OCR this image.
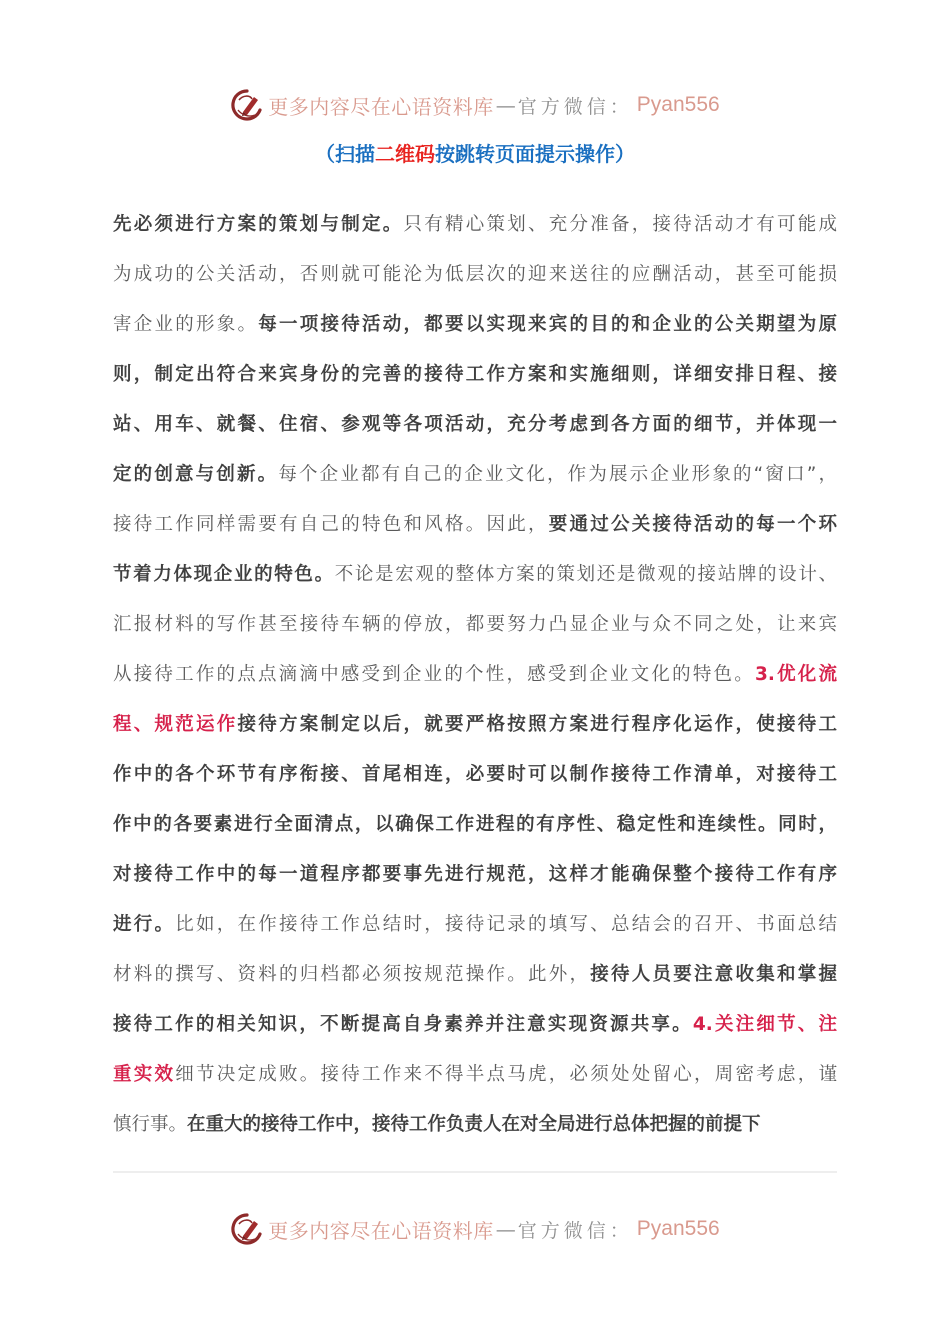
更多内容尽在心语资料库 — 官方微信： Pyan556
（扫描二维码按跳转页面提示操作）
先必须进行方案的策划与制定。只有精心策划、充分准备，接待活动才有可能成
为成功的公关活动，否则就可能沦为低层次的迎来送往的应酬活动，甚至可能损
害企业的形象。每一项接待活动，都要以实现来宾的目的和企业的公关期望为原
则，制定出符合来宾身份的完善的接待工作方案和实施细则，详细安排日程、接
站、用车、就餐、住宿、参观等各项活动，充分考虑到各方面的细节，并体现一
定的创意与创新。每个企业都有自己的企业文化，作为展示企业形象的“窗口”，
接待工作同样需要有自己的特色和风格。因此，要通过公关接待活动的每一个环
节着力体现企业的特色。不论是宏观的整体方案的策划还是微观的接站牌的设计、
汇报材料的写作甚至接待车辆的停放，都要努力凸显企业与众不同之处，让来宾
从接待工作的点点滴滴中感受到企业的个性，感受到企业文化的特色。3.优化流
程、规范运作接待方案制定以后，就要严格按照方案进行程序化运作，使接待工
作中的各个环节有序衔接、首尾相连，必要时可以制作接待工作清单，对接待工
作中的各要素进行全面清点，以确保工作进程的有序性、稳定性和连续性。同时，
对接待工作中的每一道程序都要事先进行规范，这样才能确保整个接待工作有序
进行。比如，在作接待工作总结时，接待记录的填写、总结会的召开、书面总结
材料的撰写、资料的归档都必须按规范操作。此外，接待人员要注意收集和掌握
接待工作的相关知识，不断提高自身素养并注意实现资源共享。4.关注细节、注
重实效细节决定成败。接待工作来不得半点马虎，必须处处留心，周密考虑，谨
慎行事。在重大的接待工作中，接待工作负责人在对全局进行总体把握的前提下
更多内容尽在心语资料库 — 官方微信： Pyan556
